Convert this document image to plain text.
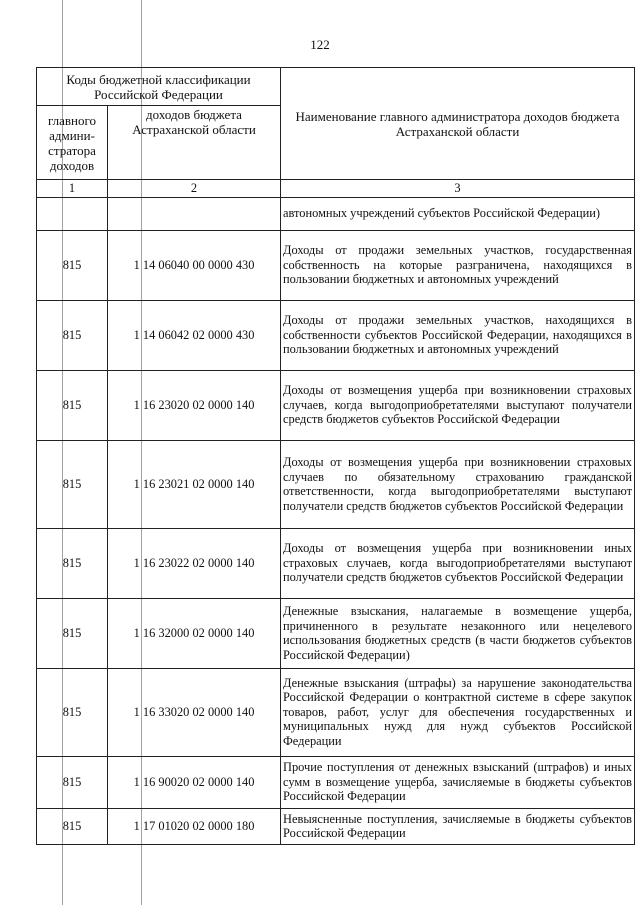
122
Коды бюджетной классификации Российской Федерации		Наименование главного администратора доходов бюджета Астраханской области
главного админи- стратора доходов	доходов бюджета Астраханской области	
1	2	3
		автономных учреждений субъектов Российской Федерации)
815	1 14 06040 00 0000 430	Доходы от продажи земельных участков, государственная собственность на которые разграничена, находящихся в пользовании бюджетных и автономных учреждений
815	1 14 06042 02 0000 430	Доходы от продажи земельных участков, находящихся в собственности субъектов Российской Федерации, находящихся в пользовании бюджетных и автономных учреждений
815	1 16 23020 02 0000 140	Доходы от возмещения ущерба при возникновении страховых случаев, когда выгодоприобретателями выступают получатели средств бюджетов субъектов Российской Федерации
815	1 16 23021 02 0000 140	Доходы от возмещения ущерба при возникновении страховых случаев по обязательному страхованию гражданской ответственности, когда выгодоприобретателями выступают получатели средств бюджетов субъектов Российской Федерации
815	1 16 23022 02 0000 140	Доходы от возмещения ущерба при возникновении иных страховых случаев, когда выгодоприобретателями выступают получатели средств бюджетов субъектов Российской Федерации
815	1 16 32000 02 0000 140	Денежные взыскания, налагаемые в возмещение ущерба, причиненного в результате незаконного или нецелевого использования бюджетных средств (в части бюджетов субъектов Российской Федерации)
815	1 16 33020 02 0000 140	Денежные взыскания (штрафы) за нарушение законодательства Российской Федерации о контрактной системе в сфере закупок товаров, работ, услуг для обеспечения государственных и муниципальных нужд для нужд субъектов Российской Федерации
815	1 16 90020 02 0000 140	Прочие поступления от денежных взысканий (штрафов) и иных сумм в возмещение ущерба, зачисляемые в бюджеты субъектов Российской Федерации
815	1 17 01020 02 0000 180	Невыясненные поступления, зачисляемые в бюджеты субъектов Российской Федерации
